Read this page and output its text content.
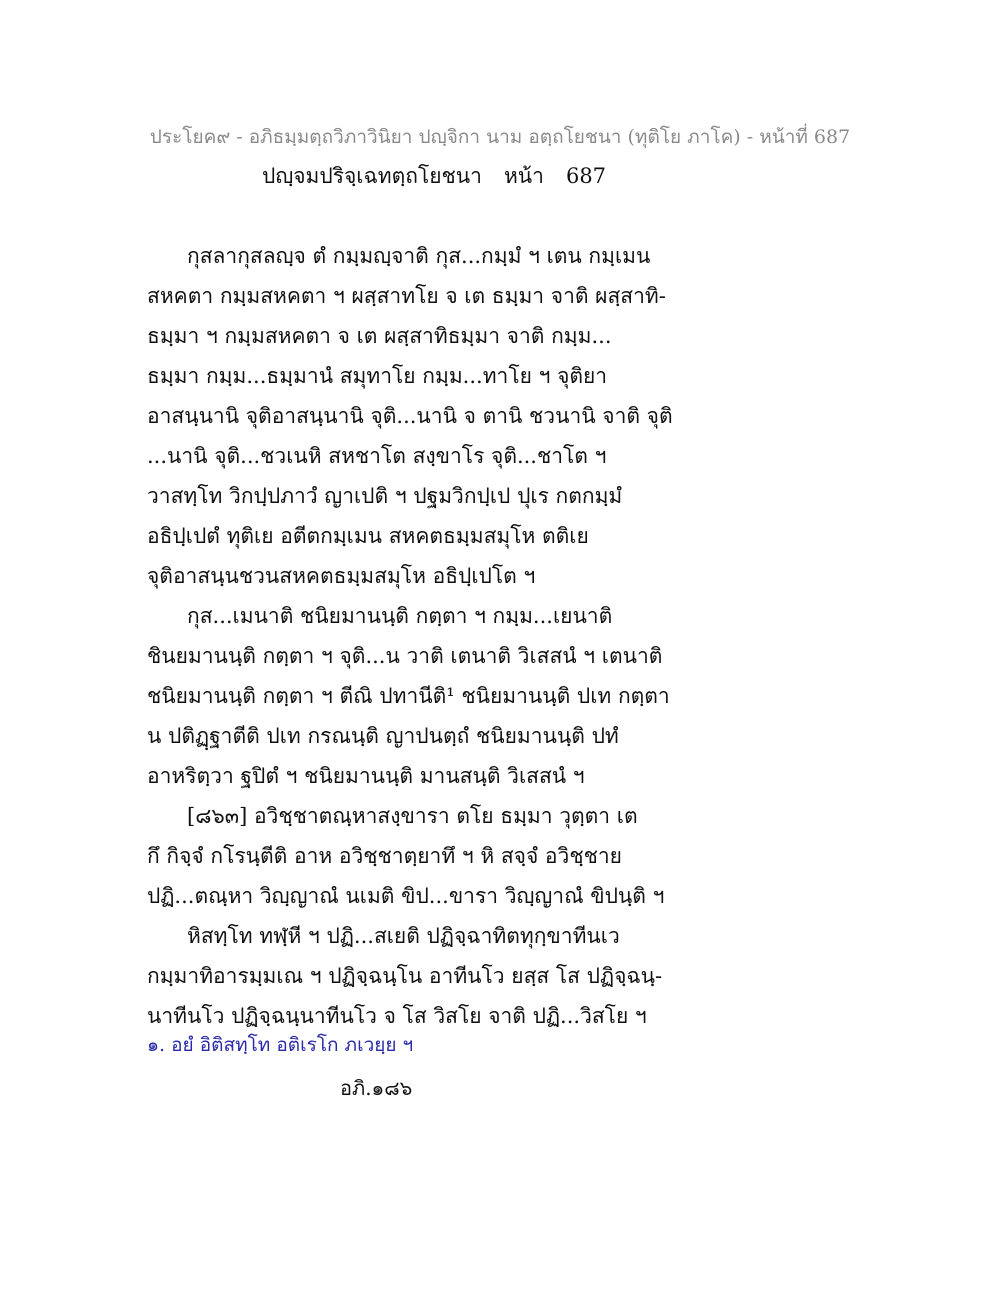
ประโยค๙ - อภิธมฺมตฺถวิภาวินิยา ปญฺจิกา นาม อตฺถโยชนา (ทุติโย ภาโค) - หน้าที่ 687
ปญฺจมปริจฺเฉทตฺถโยชนา หน้า 687
กุสลากุสลญฺจ ตํ กมฺมญฺจาติ กุส...กมฺมํ ฯ เตน กมฺเมน
สหคตา กมฺมสหคตา ฯ ผสฺสาทโย จ เต ธมฺมา จาติ ผสฺสาทิ-
ธมฺมา ฯ กมฺมสหคตา จ เต ผสฺสาทิธมฺมา จาติ กมฺม...
ธมฺมา กมฺม...ธมฺมานํ สมุทาโย กมฺม...ทาโย ฯ จุติยา
อาสนฺนานิ จุติอาสนฺนานิ จุติ...นานิ จ ตานิ ชวนานิ จาติ จุติ
...นานิ จุติ...ชวเนหิ สหชาโต สงฺขาโร จุติ...ชาโต ฯ
วาสทฺโท วิกปฺปภาวํ ญาเปติ ฯ ปฐมวิกปฺเป ปุเร กตกมฺมํ
อธิปฺเปตํ ทุติเย อตีตกมฺเมน สหคตธมฺมสมุโห ตติเย
จุติอาสนฺนชวนสหคตธมฺมสมุโห อธิปฺเปโต ฯ
กุส...เมนาติ ชนิยมานนฺติ กตฺตา ฯ กมฺม...เยนาติ
ชินยมานนฺติ กตฺตา ฯ จุติ...น วาติ เตนาติ วิเสสนํ ฯ เตนาติ
ชนิยมานนฺติ กตฺตา ฯ ตีณิ ปทานีติ¹ ชนิยมานนฺติ ปเท กตฺตา
น ปติฏฺฐาตีติ ปเท กรณนฺติ ญาปนตฺถํ ชนิยมานนฺติ ปทํ
อาหริตฺวา ฐปิตํ ฯ ชนิยมานนฺติ มานสนฺติ วิเสสนํ ฯ
[๘๖๓] อวิชฺชาตณฺหาสงฺขารา ตโย ธมฺมา วุตฺตา เต
กึ กิจฺจํ กโรนฺตีติ อาห อวิชฺชาตฺยาทึ ฯ หิ สจฺจํ อวิชฺชาย
ปฏิ...ตณฺหา วิญฺญาณํ นเมติ ขิป...ขารา วิญฺญาณํ ขิปนฺติ ฯ
หิสทฺโท ทฬฺหี ฯ ปฏิ...สเยติ ปฏิจฺฉาทิตทุกฺขาทีนเว
กมฺมาทิอารมฺมเณ ฯ ปฏิจฺฉนฺโน อาทีนโว ยสฺส โส ปฏิจฺฉนฺ-
นาทีนโว ปฏิจฺฉนฺนาทีนโว จ โส วิสโย จาติ ปฏิ...วิสโย ฯ
๑. อยํ อิติสทฺโท อติเรโก ภเวยฺย ฯ
อภิ.๑๘๖
